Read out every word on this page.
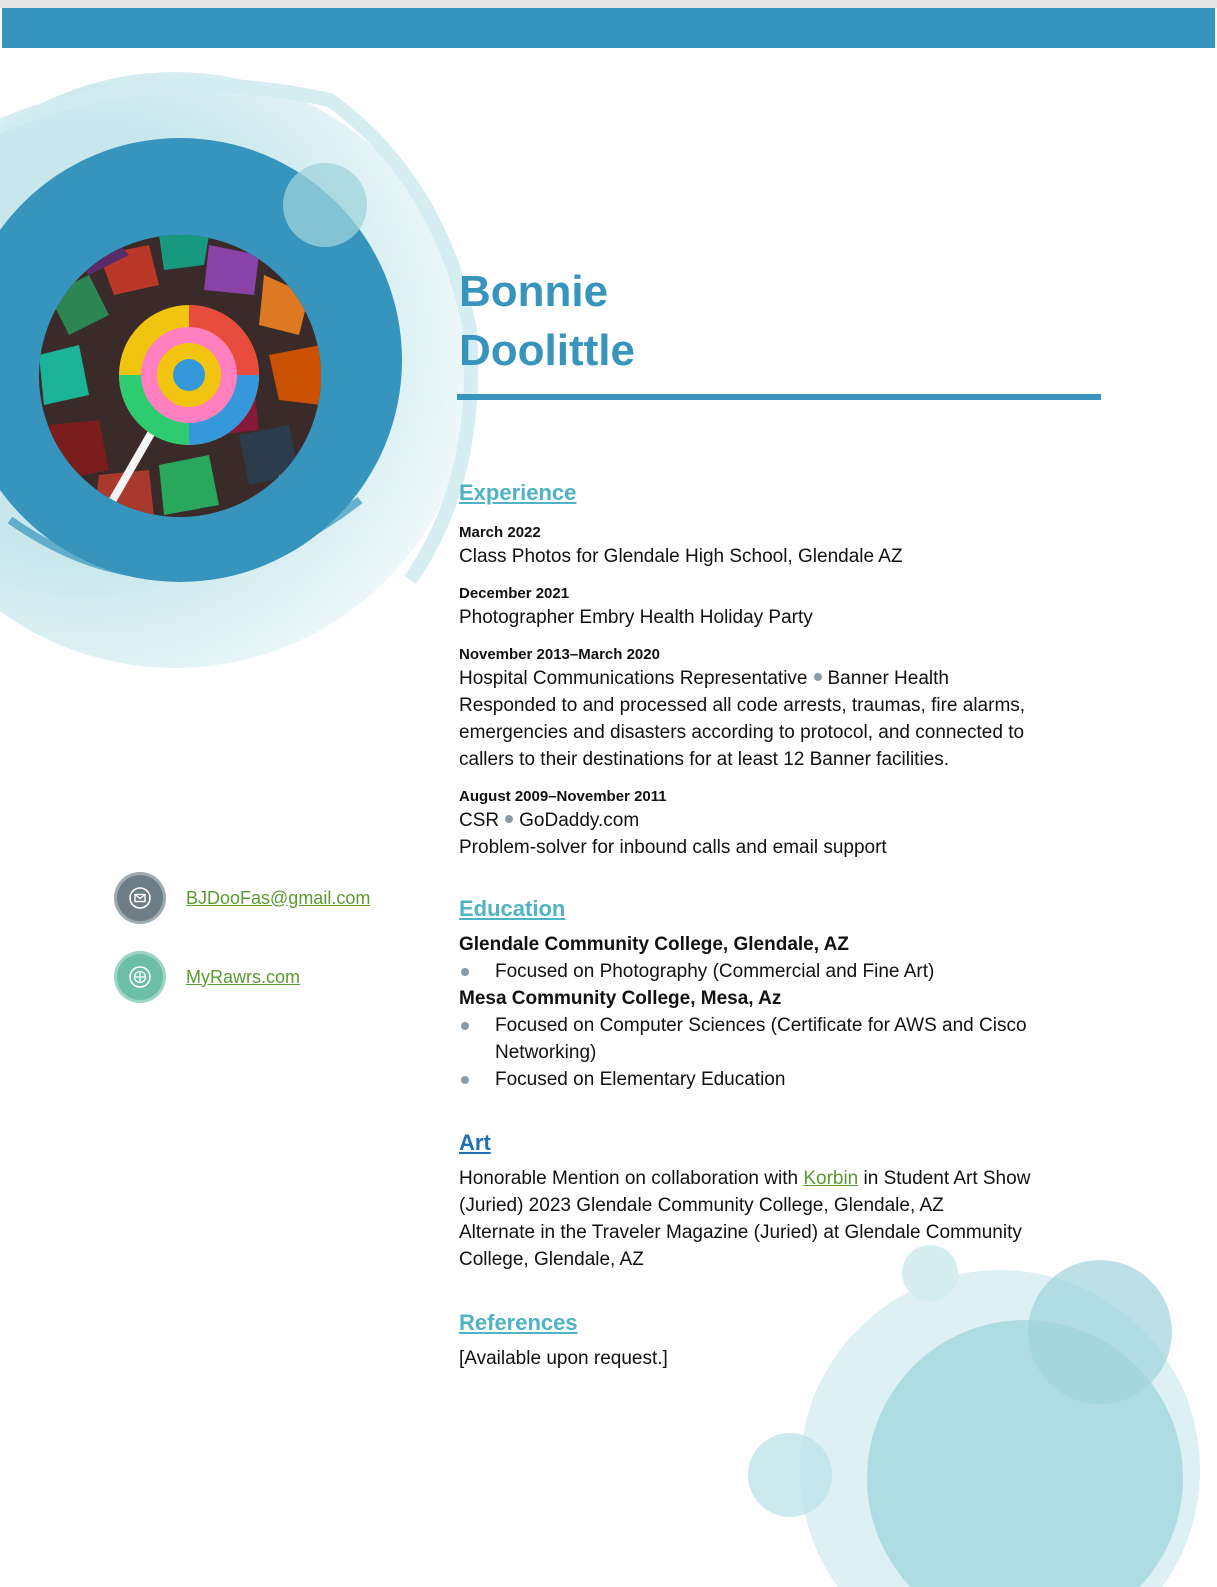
Bonnie
Doolittle
BJDooFas@gmail.com
MyRawrs.com
Experience
March 2022
Class Photos for Glendale High School, Glendale AZ
December 2021
Photographer Embry Health Holiday Party
November 2013–March 2020
Hospital Communications Representative Banner Health
Responded to and processed all code arrests, traumas, fire alarms,
emergencies and disasters according to protocol, and connected to
callers to their destinations for at least 12 Banner facilities.
August 2009–November 2011
CSR GoDaddy.com
Problem-solver for inbound calls and email support
Education
Glendale Community College, Glendale, AZ
Focused on Photography (Commercial and Fine Art)
Mesa Community College, Mesa, Az
Focused on Computer Sciences (Certificate for AWS and Cisco Networking)
Focused on Elementary Education
Art
Honorable Mention on collaboration with Korbin in Student Art Show (Juried) 2023 Glendale Community College, Glendale, AZ
Alternate in the Traveler Magazine (Juried) at Glendale Community College, Glendale, AZ
References
[Available upon request.]
